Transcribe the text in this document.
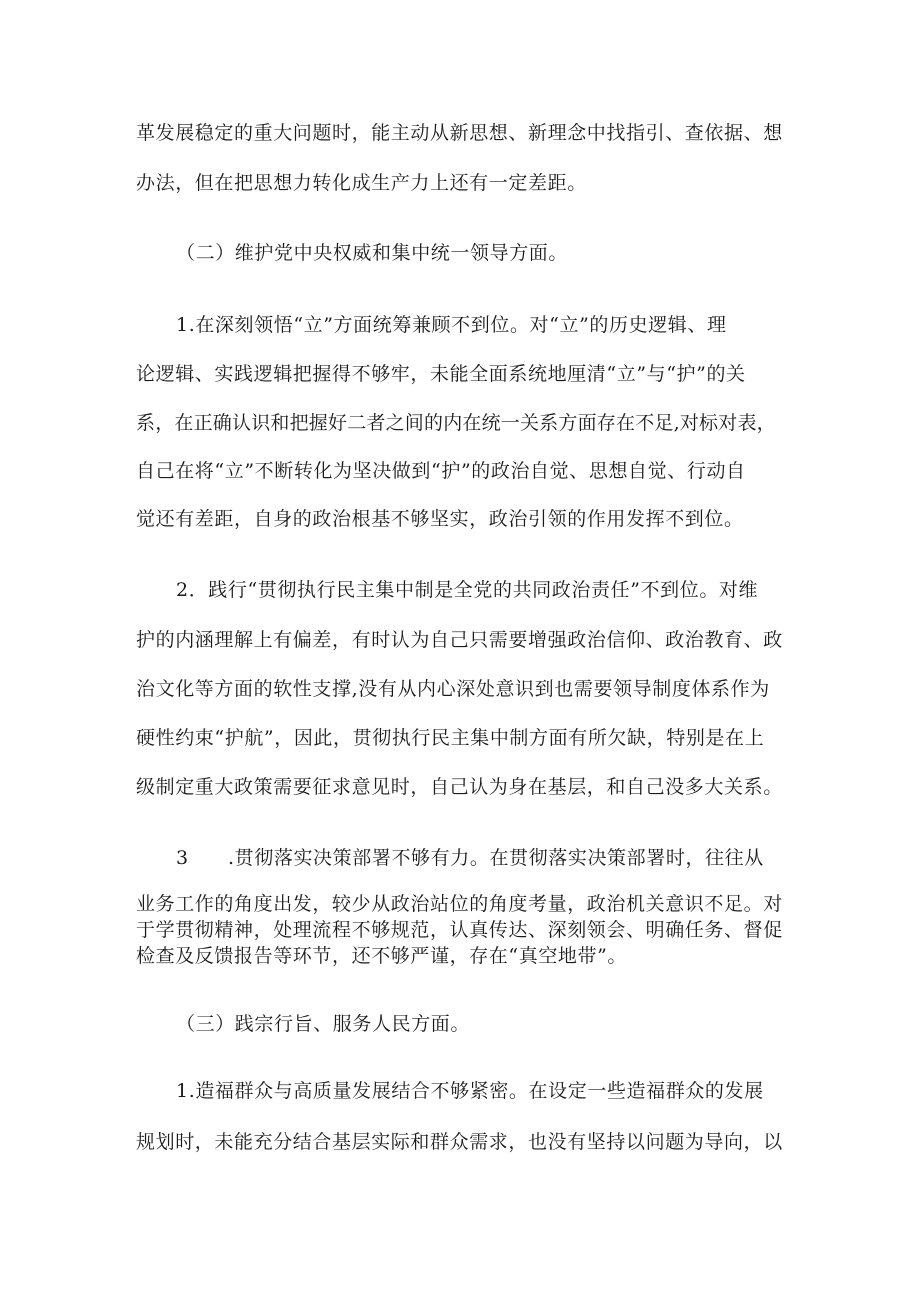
革发展稳定的重大问题时，能主动从新思想、新理念中找指引、查依据、想
办法，但在把思想力转化成生产力上还有一定差距。
（二）维护党中央权威和集中统一领导方面。
1.在深刻领悟“立”方面统筹兼顾不到位。对“立”的历史逻辑、理
论逻辑、实践逻辑把握得不够牢，未能全面系统地厘清“立”与“护”的关
系，在正确认识和把握好二者之间的内在统一关系方面存在不足,对标对表，
自己在将“立”不断转化为坚决做到“护”的政治自觉、思想自觉、行动自
觉还有差距，自身的政治根基不够坚实，政治引领的作用发挥不到位。
2．践行“贯彻执行民主集中制是全党的共同政治责任”不到位。对维
护的内涵理解上有偏差，有时认为自己只需要增强政治信仰、政治教育、政
治文化等方面的软性支撑,没有从内心深处意识到也需要领导制度体系作为
硬性约束“护航”，因此，贯彻执行民主集中制方面有所欠缺，特别是在上
级制定重大政策需要征求意见时，自己认为身在基层，和自己没多大关系。
3 .贯彻落实决策部署不够有力。在贯彻落实决策部署时，往往从
业务工作的角度出发，较少从政治站位的角度考量，政治机关意识不足。对
于学贯彻精神，处理流程不够规范，认真传达、深刻领会、明确任务、督促
检查及反馈报告等环节，还不够严谨，存在“真空地带”。
（三）践宗行旨、服务人民方面。
1.造福群众与高质量发展结合不够紧密。在设定一些造福群众的发展
规划时，未能充分结合基层实际和群众需求，也没有坚持以问题为导向，以
